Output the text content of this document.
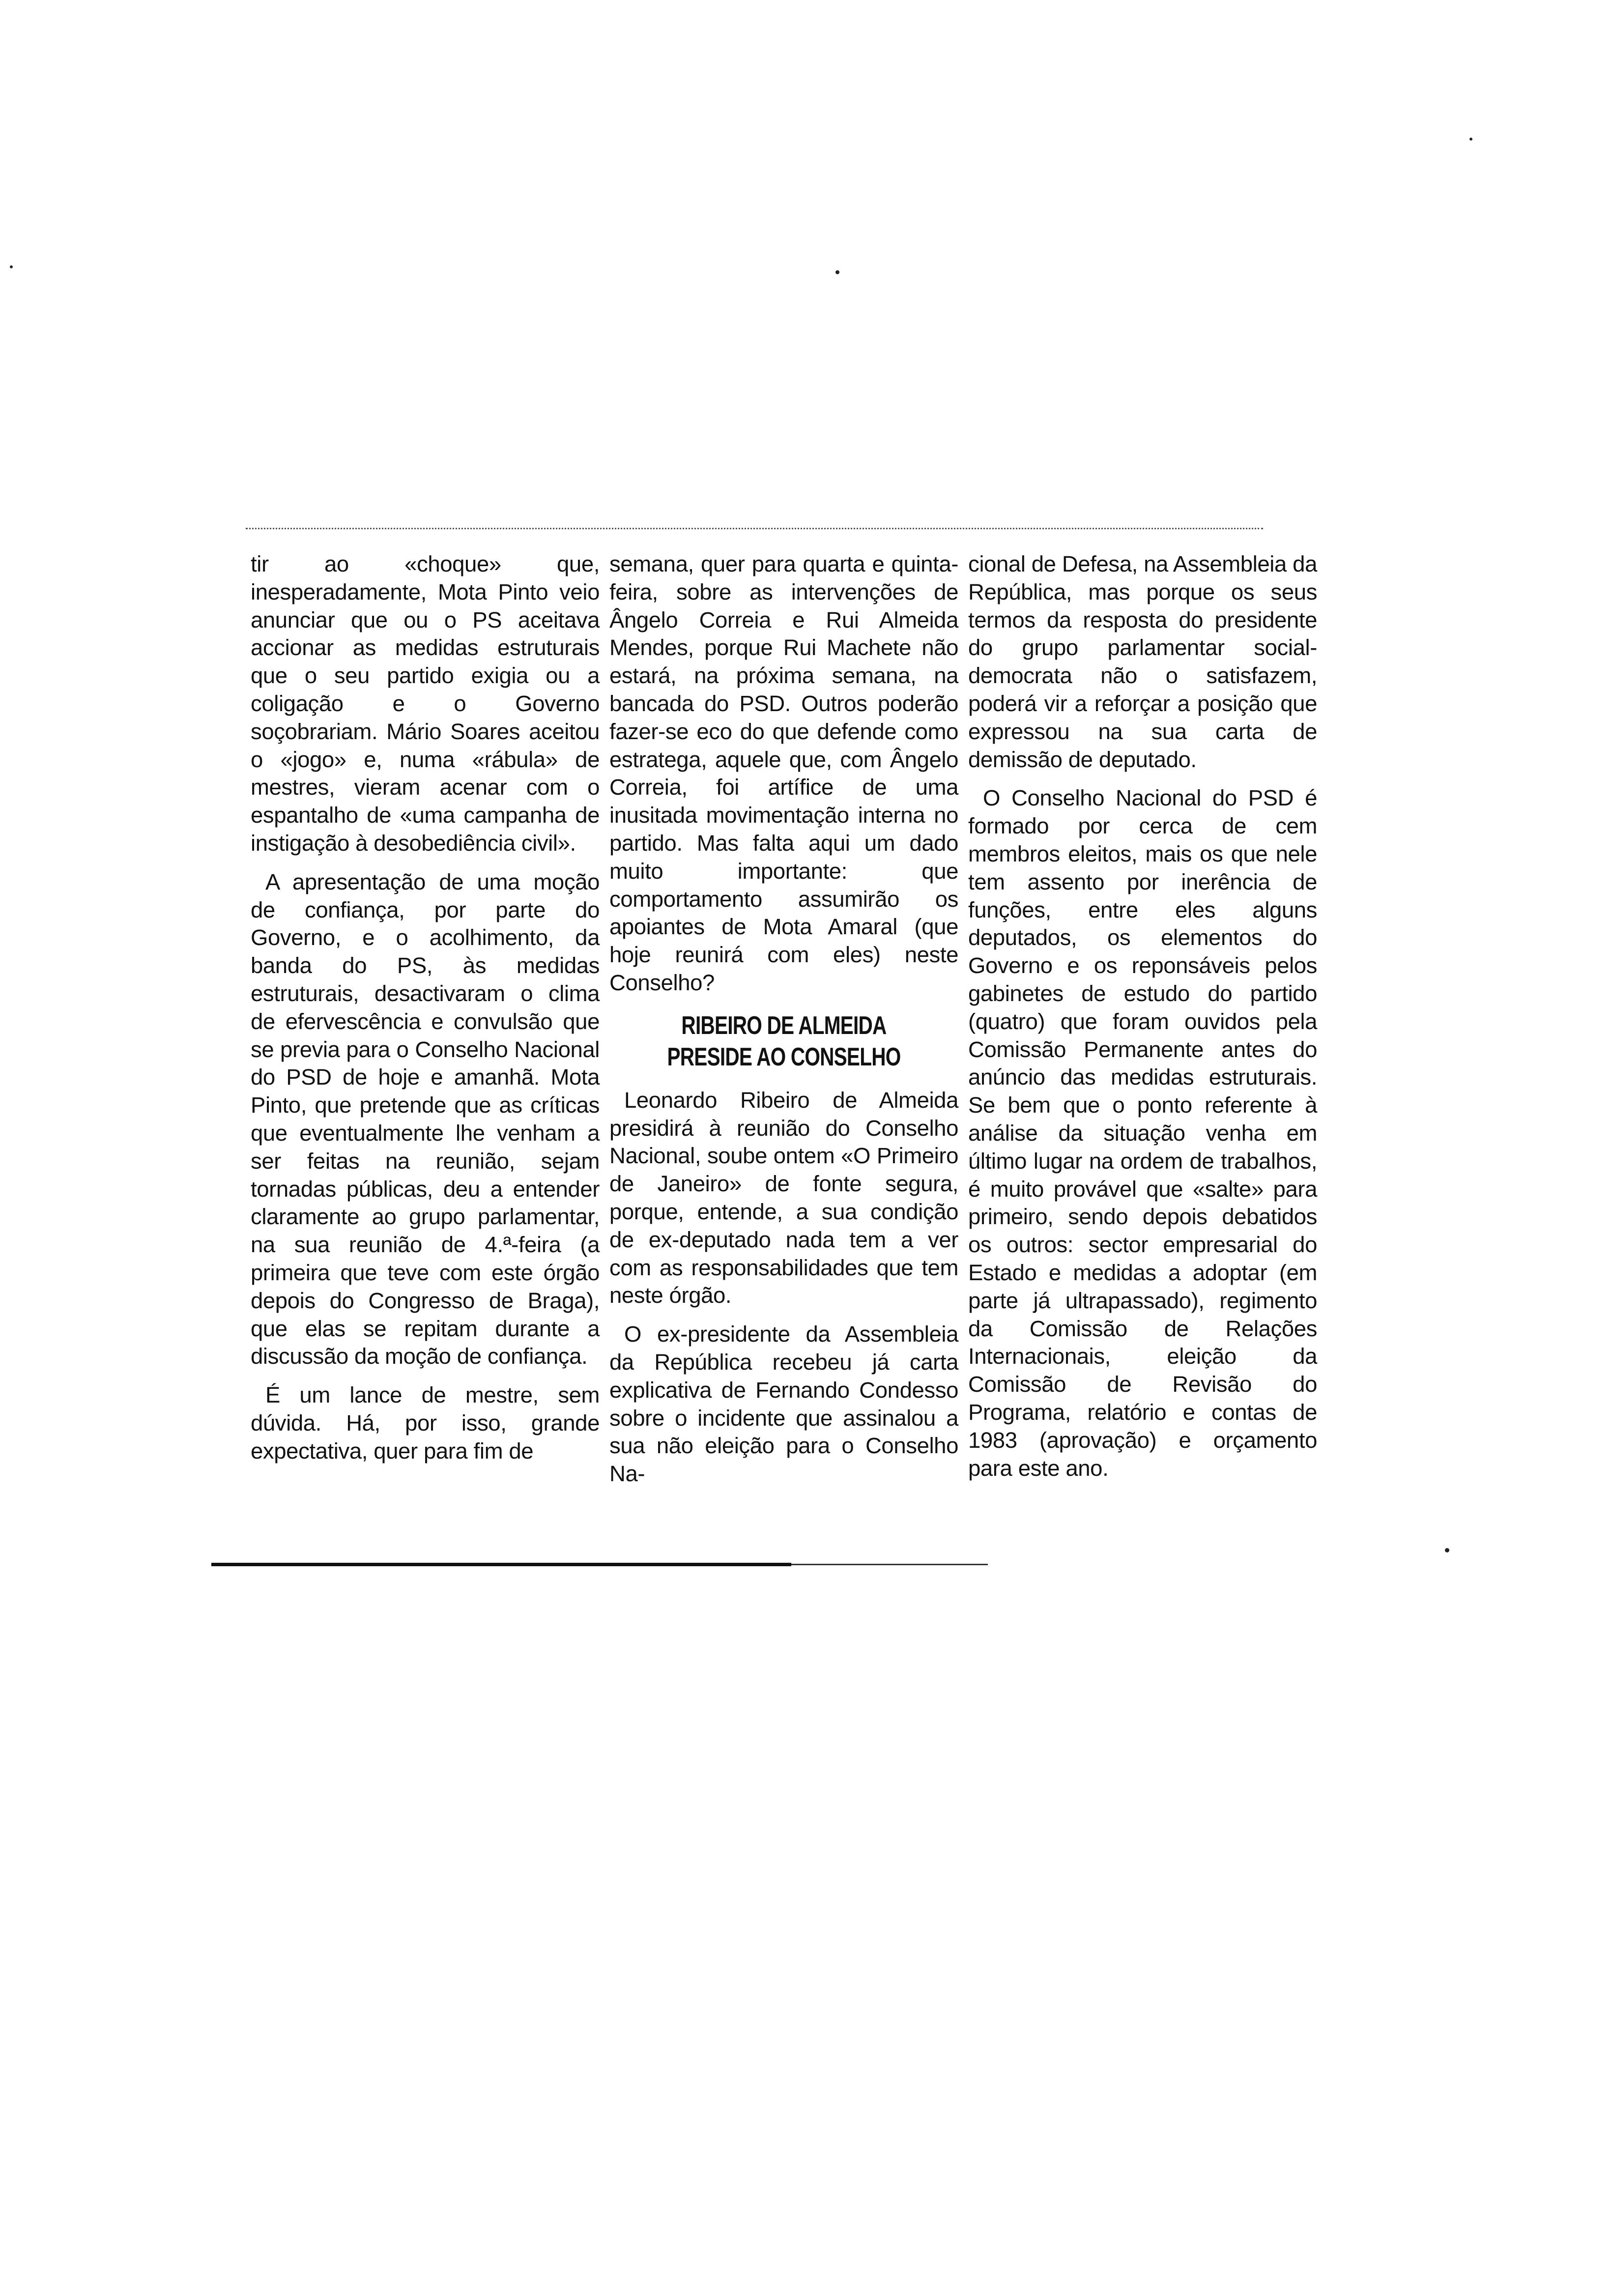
tir ao «choque» que, inesperadamente, Mota Pinto veio anunciar que ou o PS aceitava accionar as medidas estruturais que o seu partido exigia ou a coligação e o Governo soçobrariam. Mário Soares aceitou o «jogo» e, numa «rábula» de mestres, vieram acenar com o espantalho de «uma campanha de instigação à desobediência civil».

A apresentação de uma moção de confiança, por parte do Governo, e o acolhimento, da banda do PS, às medidas estruturais, desactivaram o clima de efervescência e convulsão que se previa para o Conselho Nacional do PSD de hoje e amanhã. Mota Pinto, que pretende que as críticas que eventualmente lhe venham a ser feitas na reunião, sejam tornadas públicas, deu a entender claramente ao grupo parlamentar, na sua reunião de 4.ª-feira (a primeira que teve com este órgão depois do Congresso de Braga), que elas se repitam durante a discussão da moção de confiança.

É um lance de mestre, sem dúvida. Há, por isso, grande expectativa, quer para fim de

semana, quer para quarta e quinta-feira, sobre as intervenções de Ângelo Correia e Rui Almeida Mendes, porque Rui Machete não estará, na próxima semana, na bancada do PSD. Outros poderão fazer-se eco do que defende como estratega, aquele que, com Ângelo Correia, foi artífice de uma inusitada movimentação interna no partido. Mas falta aqui um dado muito importante: que comportamento assumirão os apoiantes de Mota Amaral (que hoje reunirá com eles) neste Conselho?

RIBEIRO DE ALMEIDA
PRESIDE AO CONSELHO

Leonardo Ribeiro de Almeida presidirá à reunião do Conselho Nacional, soube ontem «O Primeiro de Janeiro» de fonte segura, porque, entende, a sua condição de ex-deputado nada tem a ver com as responsabilidades que tem neste órgão.

O ex-presidente da Assembleia da República recebeu já carta explicativa de Fernando Condesso sobre o incidente que assinalou a sua não eleição para o Conselho Na-

cional de Defesa, na Assembleia da República, mas porque os seus termos da resposta do presidente do grupo parlamentar social-democrata não o satisfazem, poderá vir a reforçar a posição que expressou na sua carta de demissão de deputado.

O Conselho Nacional do PSD é formado por cerca de cem membros eleitos, mais os que nele tem assento por inerência de funções, entre eles alguns deputados, os elementos do Governo e os reponsáveis pelos gabinetes de estudo do partido (quatro) que foram ouvidos pela Comissão Permanente antes do anúncio das medidas estruturais. Se bem que o ponto referente à análise da situação venha em último lugar na ordem de trabalhos, é muito provável que «salte» para primeiro, sendo depois debatidos os outros: sector empresarial do Estado e medidas a adoptar (em parte já ultrapassado), regimento da Comissão de Relações Internacionais, eleição da Comissão de Revisão do Programa, relatório e contas de 1983 (aprovação) e orçamento para este ano.
